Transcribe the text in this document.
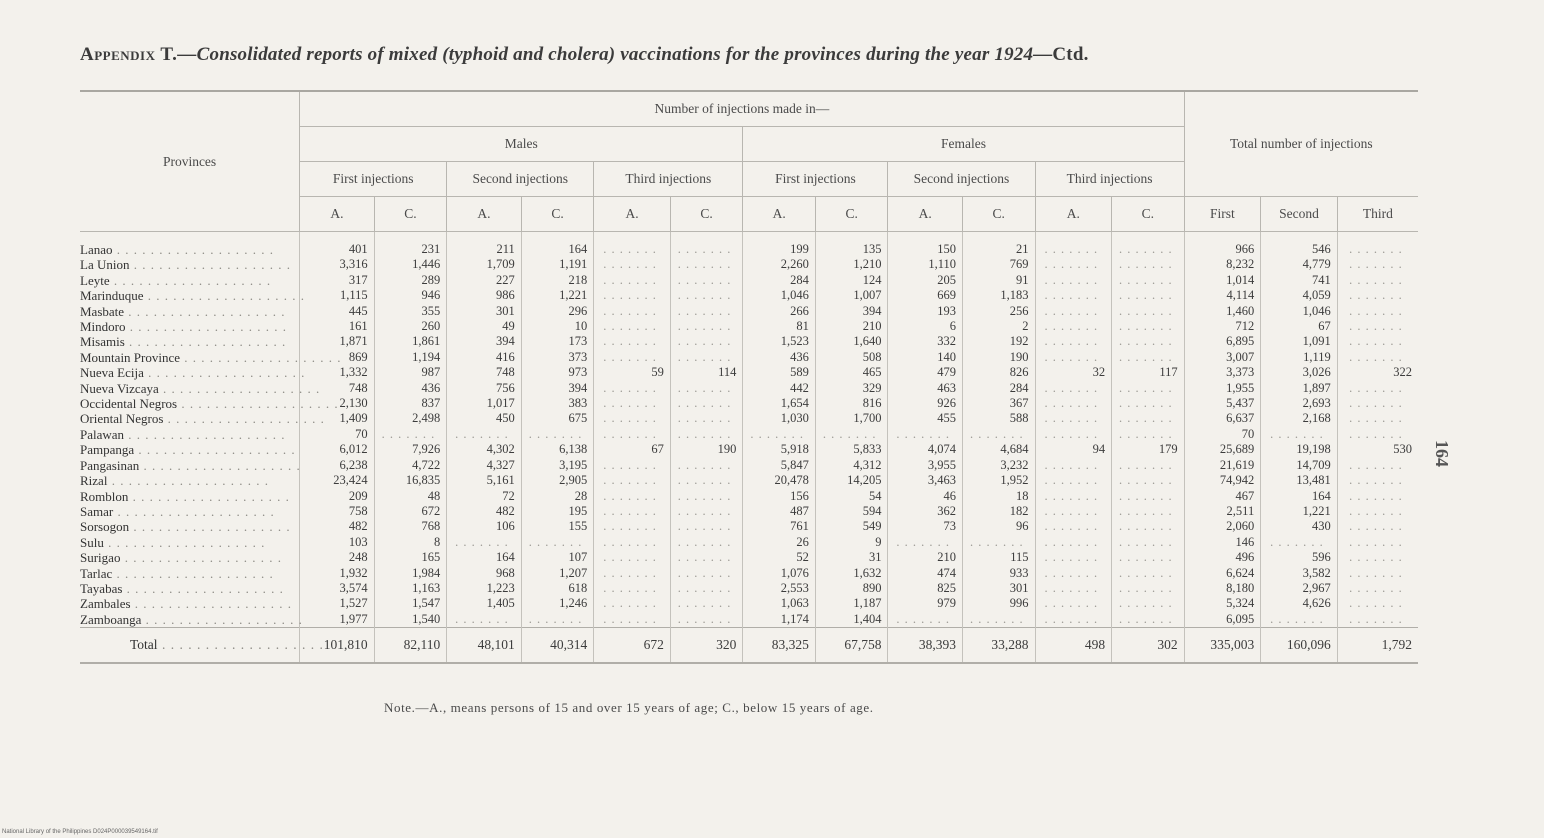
Appendix T.—Consolidated reports of mixed (typhoid and cholera) vaccinations for the provinces during the year 1924—Ctd.
Provinces	Number of injections made in—												Total number of injections		
	Males						Females								
	First injections		Second injections		Third injections		First injections		Second injections		Third injections				
	A.	C.	A.	C.	A.	C.	A.	C.	A.	C.	A.	C.	First	Second	Third
Lanao . . . . . . . . . . . . . . . . . . .	401	231	211	164	. . . . . . .	. . . . . . .	199	135	150	21	. . . . . . .	. . . . . . .	966	546	. . . . . . .
La Union . . . . . . . . . . . . . . . . . . .	3,316	1,446	1,709	1,191	. . . . . . .	. . . . . . .	2,260	1,210	1,110	769	. . . . . . .	. . . . . . .	8,232	4,779	. . . . . . .
Leyte . . . . . . . . . . . . . . . . . . .	317	289	227	218	. . . . . . .	. . . . . . .	284	124	205	91	. . . . . . .	. . . . . . .	1,014	741	. . . . . . .
Marinduque . . . . . . . . . . . . . . . . . . .	1,115	946	986	1,221	. . . . . . .	. . . . . . .	1,046	1,007	669	1,183	. . . . . . .	. . . . . . .	4,114	4,059	. . . . . . .
Masbate . . . . . . . . . . . . . . . . . . .	445	355	301	296	. . . . . . .	. . . . . . .	266	394	193	256	. . . . . . .	. . . . . . .	1,460	1,046	. . . . . . .
Mindoro . . . . . . . . . . . . . . . . . . .	161	260	49	10	. . . . . . .	. . . . . . .	81	210	6	2	. . . . . . .	. . . . . . .	712	67	. . . . . . .
Misamis . . . . . . . . . . . . . . . . . . .	1,871	1,861	394	173	. . . . . . .	. . . . . . .	1,523	1,640	332	192	. . . . . . .	. . . . . . .	6,895	1,091	. . . . . . .
Mountain Province . . . . . . . . . . . . . . . . . . .	869	1,194	416	373	. . . . . . .	. . . . . . .	436	508	140	190	. . . . . . .	. . . . . . .	3,007	1,119	. . . . . . .
Nueva Ecija . . . . . . . . . . . . . . . . . . .	1,332	987	748	973	59	114	589	465	479	826	32	117	3,373	3,026	322
Nueva Vizcaya . . . . . . . . . . . . . . . . . . .	748	436	756	394	. . . . . . .	. . . . . . .	442	329	463	284	. . . . . . .	. . . . . . .	1,955	1,897	. . . . . . .
Occidental Negros . . . . . . . . . . . . . . . . . . .	2,130	837	1,017	383	. . . . . . .	. . . . . . .	1,654	816	926	367	. . . . . . .	. . . . . . .	5,437	2,693	. . . . . . .
Oriental Negros . . . . . . . . . . . . . . . . . . .	1,409	2,498	450	675	. . . . . . .	. . . . . . .	1,030	1,700	455	588	. . . . . . .	. . . . . . .	6,637	2,168	. . . . . . .
Palawan . . . . . . . . . . . . . . . . . . .	70	. . . . . . .	. . . . . . .	. . . . . . .	. . . . . . .	. . . . . . .	. . . . . . .	. . . . . . .	. . . . . . .	. . . . . . .	. . . . . . .	. . . . . . .	70	. . . . . . .	. . . . . . .
Pampanga . . . . . . . . . . . . . . . . . . .	6,012	7,926	4,302	6,138	67	190	5,918	5,833	4,074	4,684	94	179	25,689	19,198	530
Pangasinan . . . . . . . . . . . . . . . . . . .	6,238	4,722	4,327	3,195	. . . . . . .	. . . . . . .	5,847	4,312	3,955	3,232	. . . . . . .	. . . . . . .	21,619	14,709	. . . . . . .
Rizal . . . . . . . . . . . . . . . . . . .	23,424	16,835	5,161	2,905	. . . . . . .	. . . . . . .	20,478	14,205	3,463	1,952	. . . . . . .	. . . . . . .	74,942	13,481	. . . . . . .
Romblon . . . . . . . . . . . . . . . . . . .	209	48	72	28	. . . . . . .	. . . . . . .	156	54	46	18	. . . . . . .	. . . . . . .	467	164	. . . . . . .
Samar . . . . . . . . . . . . . . . . . . .	758	672	482	195	. . . . . . .	. . . . . . .	487	594	362	182	. . . . . . .	. . . . . . .	2,511	1,221	. . . . . . .
Sorsogon . . . . . . . . . . . . . . . . . . .	482	768	106	155	. . . . . . .	. . . . . . .	761	549	73	96	. . . . . . .	. . . . . . .	2,060	430	. . . . . . .
Sulu . . . . . . . . . . . . . . . . . . .	103	8	. . . . . . .	. . . . . . .	. . . . . . .	. . . . . . .	26	9	. . . . . . .	. . . . . . .	. . . . . . .	. . . . . . .	146	. . . . . . .	. . . . . . .
Surigao . . . . . . . . . . . . . . . . . . .	248	165	164	107	. . . . . . .	. . . . . . .	52	31	210	115	. . . . . . .	. . . . . . .	496	596	. . . . . . .
Tarlac . . . . . . . . . . . . . . . . . . .	1,932	1,984	968	1,207	. . . . . . .	. . . . . . .	1,076	1,632	474	933	. . . . . . .	. . . . . . .	6,624	3,582	. . . . . . .
Tayabas . . . . . . . . . . . . . . . . . . .	3,574	1,163	1,223	618	. . . . . . .	. . . . . . .	2,553	890	825	301	. . . . . . .	. . . . . . .	8,180	2,967	. . . . . . .
Zambales . . . . . . . . . . . . . . . . . . .	1,527	1,547	1,405	1,246	. . . . . . .	. . . . . . .	1,063	1,187	979	996	. . . . . . .	. . . . . . .	5,324	4,626	. . . . . . .
Zamboanga . . . . . . . . . . . . . . . . . . .	1,977	1,540	. . . . . . .	. . . . . . .	. . . . . . .	. . . . . . .	1,174	1,404	. . . . . . .	. . . . . . .	. . . . . . .	. . . . . . .	6,095	. . . . . . .	. . . . . . .
Total . . . . . . . . . . . . . . . . . . .	101,810	82,110	48,101	40,314	672	320	83,325	67,758	38,393	33,288	498	302	335,003	160,096	1,792
Note.—A., means persons of 15 and over 15 years of age; C., below 15 years of age.
164
National Library of the Philippines D024P000039549164.tif
